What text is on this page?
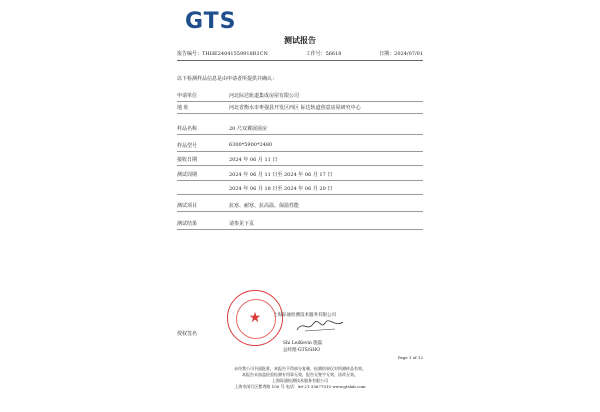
GTS
测试报告
报告编号：THHE24041559918R1CN	工作号：56618	日期：2024/07/01
以下检测样品信息是由申请者所提供并确认：
申请单位	河北际达轨道集成房屋有限公司
地 址	河北省衡水市枣强县开发区西区 际达轨道创意房屋研究中心
样品名称	20 尺双翼展展房
样品型号	6300*5900*2480
接收日期	2024 年 06 月 11 日
测试周期	2024 年 06 月 11 日至 2024 年 06 月 17 日
2024 年 06 月 18 日至 2024 年 06 月 20 日
测试项目	抗寒、耐寒、抗高温、保温性能
测试结果	请参见下页
★	上海际通检测技术服务有限公司
授权签名
Shi LeiKevin 施磊
总经理-GTS/SHO
Page 1 of 12
未经我公司书面批准，本报告不得部分复制，检测结果仅对所测样品有效。
本报告未加盖检验检测专用章无效，报告无签字无效，涂改无效。
上海际通检测技术服务有限公司
上海市闵行区紫秀路 100 号 电话：86-21-33677010 www.gtslab.com
